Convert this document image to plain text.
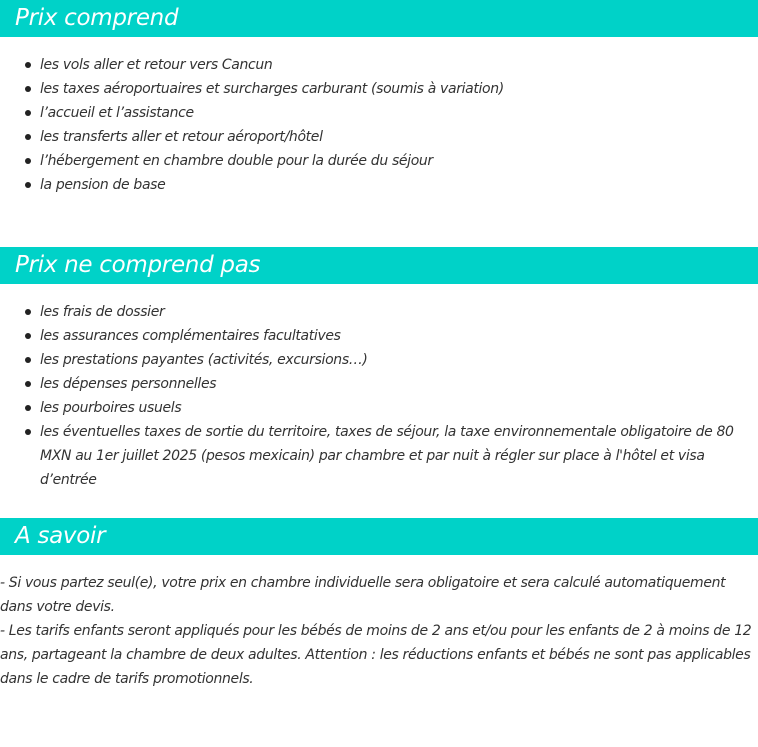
Prix comprend
les vols aller et retour vers Cancun
les taxes aéroportuaires et surcharges carburant (soumis à variation)
l’accueil et l’assistance
les transferts aller et retour aéroport/hôtel
l’hébergement en chambre double pour la durée du séjour
la pension de base
Prix ne comprend pas
les frais de dossier
les assurances complémentaires facultatives
les prestations payantes (activités, excursions…)
les dépenses personnelles
les pourboires usuels
les éventuelles taxes de sortie du territoire, taxes de séjour, la taxe environnementale obligatoire de 80 MXN au 1er juillet 2025 (pesos mexicain) par chambre et par nuit à régler sur place à l'hôtel et visa d’entrée
A savoir

- Si vous partez seul(e), votre prix en chambre individuelle sera obligatoire et sera calculé automatiquement dans votre devis.

- Les tarifs enfants seront appliqués pour les bébés de moins de 2 ans et/ou pour les enfants de 2 à moins de 12 ans, partageant la chambre de deux adultes. Attention : les réductions enfants et bébés ne sont pas applicables dans le cadre de tarifs promotionnels.
